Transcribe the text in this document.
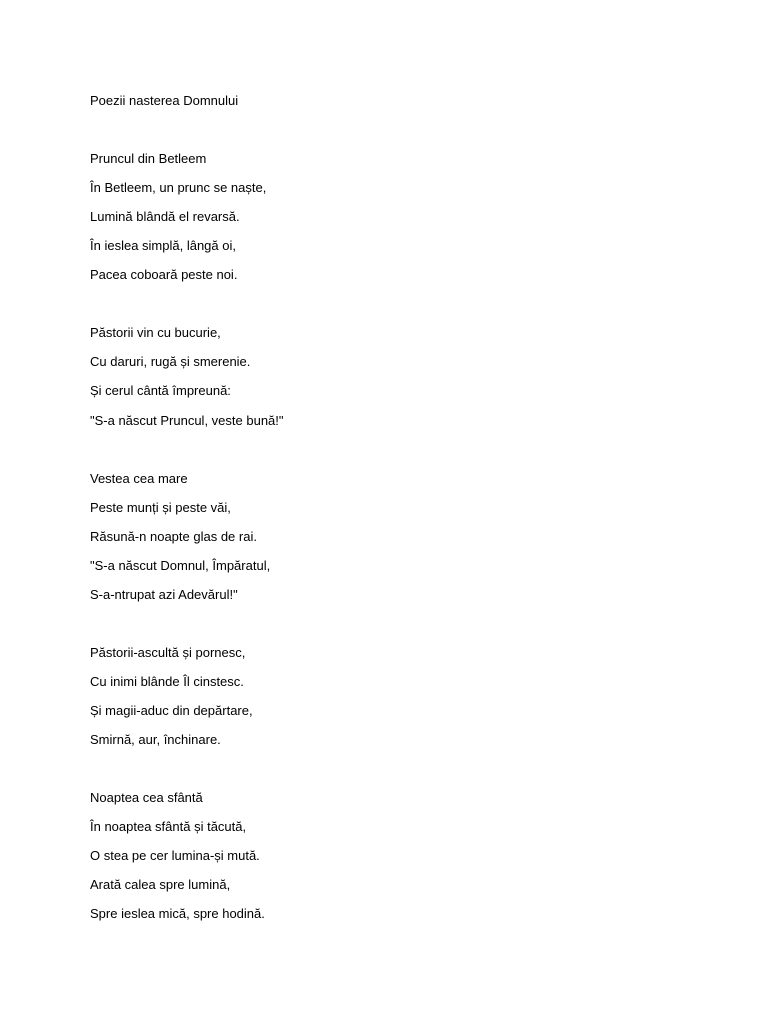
Poezii nasterea Domnului
Pruncul din Betleem
În Betleem, un prunc se naște,
Lumină blândă el revarsă.
În ieslea simplă, lângă oi,
Pacea coboară peste noi.
Păstorii vin cu bucurie,
Cu daruri, rugă și smerenie.
Și cerul cântă împreună:
"S-a născut Pruncul, veste bună!"
Vestea cea mare
Peste munți și peste văi,
Răsună-n noapte glas de rai.
"S-a născut Domnul, Împăratul,
S-a-ntrupat azi Adevărul!"
Păstorii-ascultă și pornesc,
Cu inimi blânde Îl cinstesc.
Și magii-aduc din depărtare,
Smirnă, aur, închinare.
Noaptea cea sfântă
În noaptea sfântă și tăcută,
O stea pe cer lumina-și mută.
Arată calea spre lumină,
Spre ieslea mică, spre hodină.
